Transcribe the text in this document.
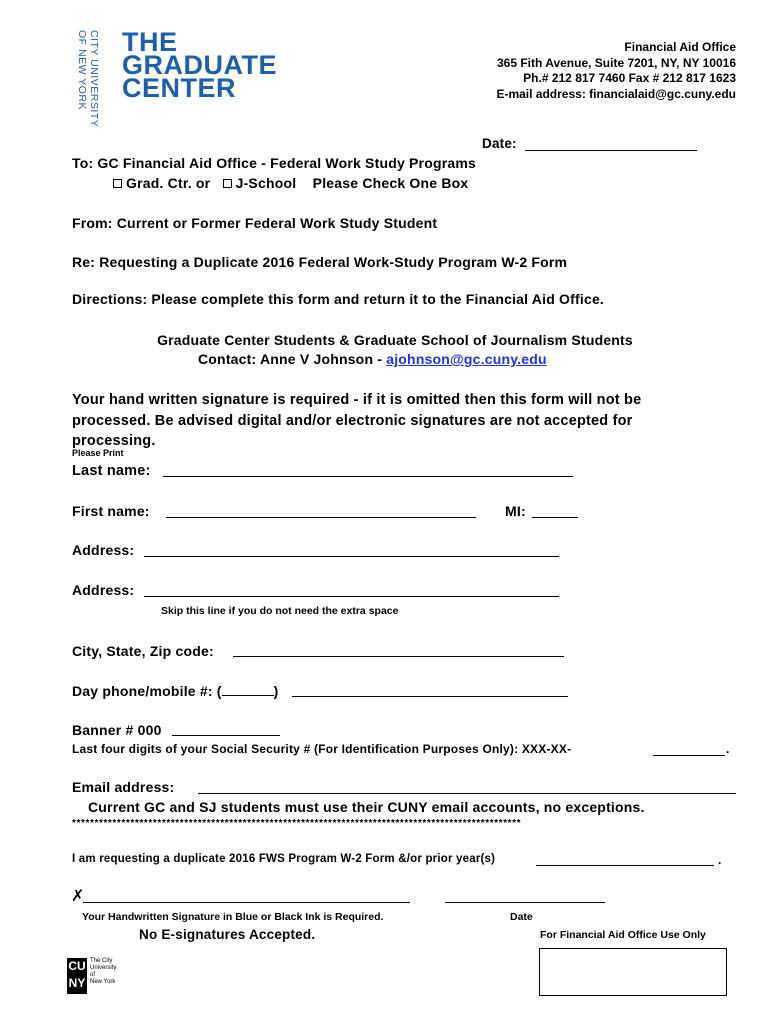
CITY UNIVERSITY
OF NEW YORK THE
GRADUATE
CENTER
Financial Aid Office
365 Fith Avenue, Suite 7201, NY, NY 10016
Ph.# 212 817 7460 Fax # 212 817 1623
E-mail address: financialaid@gc.cuny.edu
Date:
To: GC Financial Aid Office - Federal Work Study Programs
Grad. Ctr. or J-School Please Check One Box
From: Current or Former Federal Work Study Student
Re: Requesting a Duplicate 2016 Federal Work-Study Program W-2 Form
Directions: Please complete this form and return it to the Financial Aid Office.
Graduate Center Students & Graduate School of Journalism Students
Contact: Anne V Johnson - ajohnson@gc.cuny.edu
Your hand written signature is required - if it is omitted then this form will not be
processed. Be advised digital and/or electronic signatures are not accepted for
processing.
Please Print
Last name:
First name:	MI:
Address:
Address:
Skip this line if you do not need the extra space
City, State, Zip code:
Day phone/mobile #: (	)
Banner # 000
Last four digits of your Social Security # (For Identification Purposes Only): XXX-XX-	.
Email address:
Current GC and SJ students must use their CUNY email accounts, no exceptions.
****************************************************************************************************
I am requesting a duplicate 2016 FWS Program W-2 Form &/or prior year(s)	.
✗
Your Handwritten Signature in Blue or Black Ink is Required.	Date
No E-signatures Accepted.	For Financial Aid Office Use Only
CU
NY
The City
University
of
New York
